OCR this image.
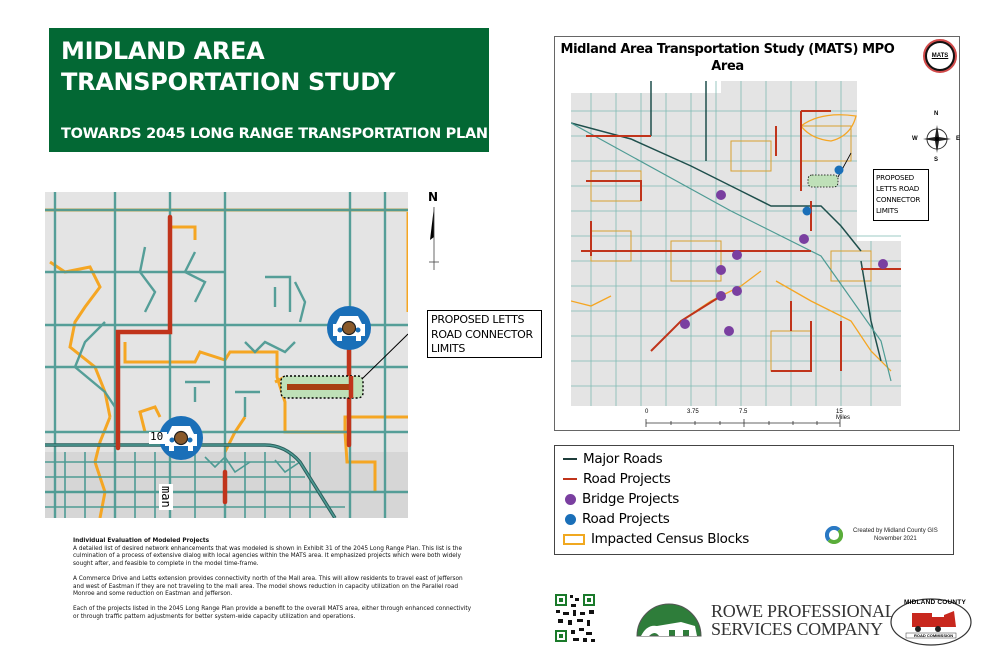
MIDLAND AREA
TRANSPORTATION STUDY
TOWARDS 2045 LONG RANGE TRANSPORTATION PLAN
10
man
N
PROPOSED LETTS
ROAD CONNECTOR
LIMITS
Individual Evaluation of Modeled Projects

A detailed list of desired network enhancements that was modeled is shown in Exhibit 31 of the 2045 Long Range Plan. This list is the culmination of a process of extensive dialog with local agencies within the MATS area. It emphasized projects which were both widely sought after, and feasible to complete in the model time-frame.

A Commerce Drive and Letts extension provides connectivity north of the Mall area. This will allow residents to travel east of Jefferson and west of Eastman if they are not traveling to the mall area. The model shows reduction in capacity utilization on the Parallel road Monroe and some reduction on Eastman and Jefferson.

Each of the projects listed in the 2045 Long Range Plan provide a benefit to the overall MATS area, either through enhanced connectivity or through traffic pattern adjustments for better system-wide capacity utilization and operations.

Midland Area Transportation Study (MATS) MPO
Area
MATS
N
S
W	E
PROPOSED
LETTS ROAD
CONNECTOR
LIMITS
0	3.75	7.5	15 Miles
Major Roads
Road Projects
Bridge Projects
Road Projects
Impacted Census Blocks	Created by Midland County GIS
November 2021
ROWE PROFESSIONAL
SERVICES COMPANY
MIDLAND COUNTY
ROAD COMMISSION
